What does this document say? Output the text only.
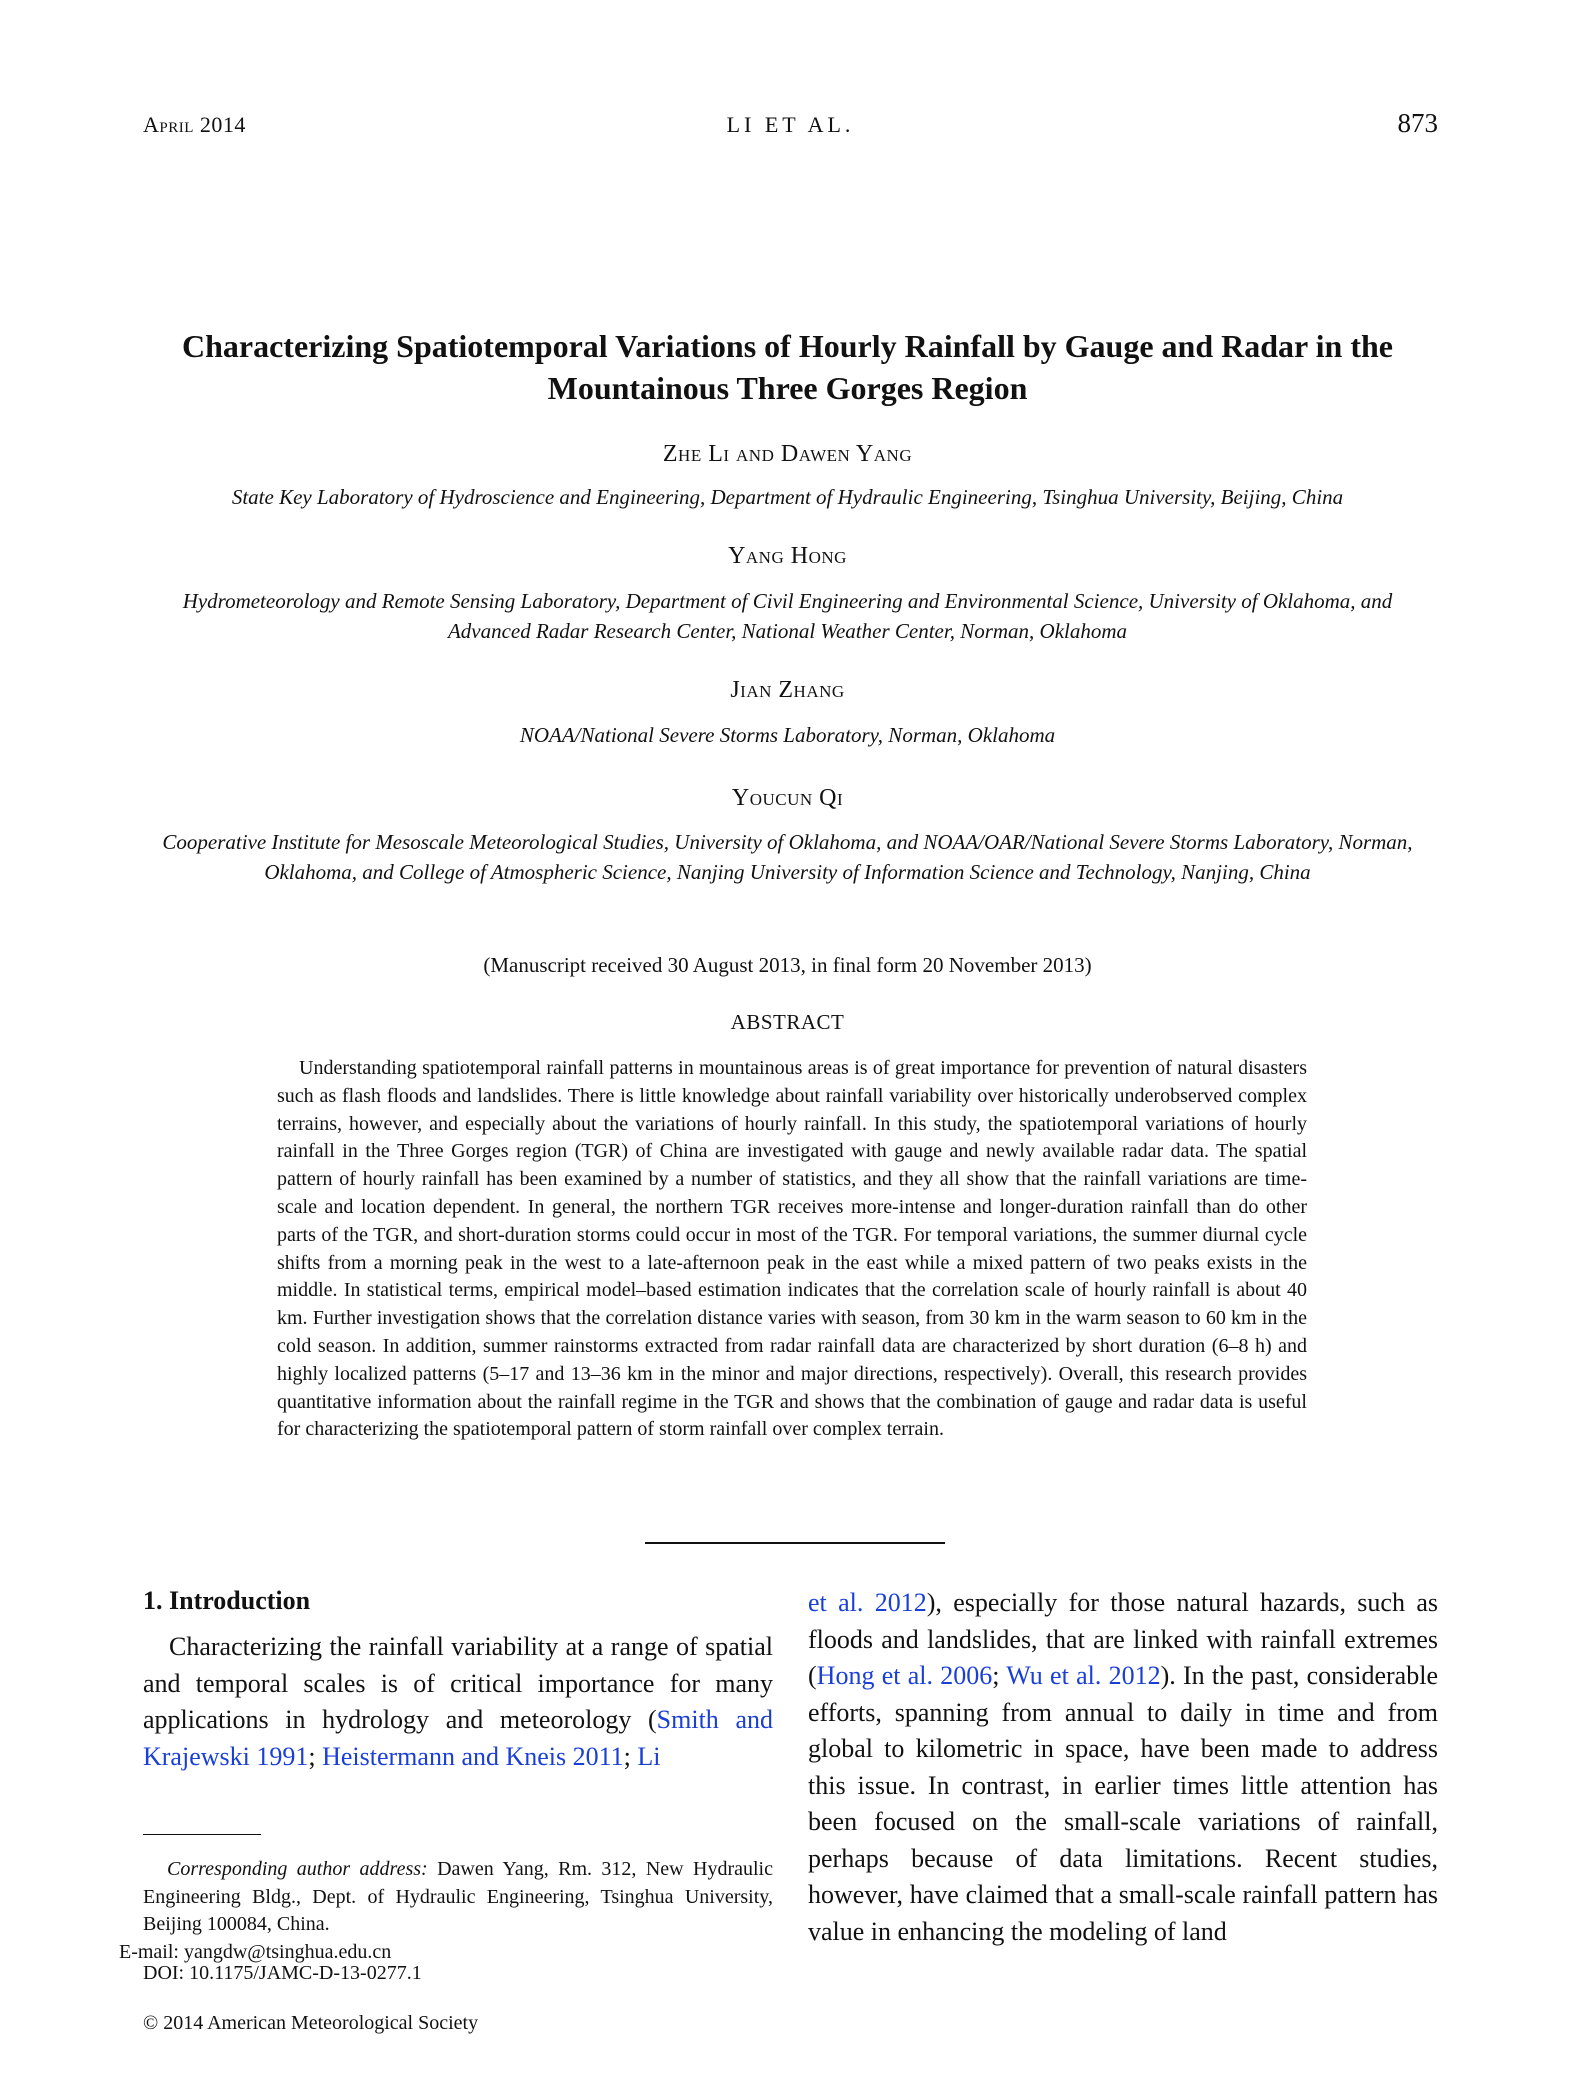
April 2014	LI ET AL.	873
Characterizing Spatiotemporal Variations of Hourly Rainfall by Gauge and Radar in the Mountainous Three Gorges Region
Zhe Li and Dawen Yang
State Key Laboratory of Hydroscience and Engineering, Department of Hydraulic Engineering, Tsinghua University, Beijing, China
Yang Hong
Hydrometeorology and Remote Sensing Laboratory, Department of Civil Engineering and Environmental Science, University of Oklahoma, and Advanced Radar Research Center, National Weather Center, Norman, Oklahoma
Jian Zhang
NOAA/National Severe Storms Laboratory, Norman, Oklahoma
Youcun Qi
Cooperative Institute for Mesoscale Meteorological Studies, University of Oklahoma, and NOAA/OAR/National Severe Storms Laboratory, Norman, Oklahoma, and College of Atmospheric Science, Nanjing University of Information Science and Technology, Nanjing, China
(Manuscript received 30 August 2013, in final form 20 November 2013)
ABSTRACT

Understanding spatiotemporal rainfall patterns in mountainous areas is of great importance for prevention of natural disasters such as flash floods and landslides. There is little knowledge about rainfall variability over historically underobserved complex terrains, however, and especially about the variations of hourly rainfall. In this study, the spatiotemporal variations of hourly rainfall in the Three Gorges region (TGR) of China are investigated with gauge and newly available radar data. The spatial pattern of hourly rainfall has been examined by a number of statistics, and they all show that the rainfall variations are time-scale and location dependent. In general, the northern TGR receives more-intense and longer-duration rainfall than do other parts of the TGR, and short-duration storms could occur in most of the TGR. For temporal variations, the summer diurnal cycle shifts from a morning peak in the west to a late-afternoon peak in the east while a mixed pattern of two peaks exists in the middle. In statistical terms, empirical model–based estimation indicates that the correlation scale of hourly rainfall is about 40 km. Further investigation shows that the correlation distance varies with season, from 30 km in the warm season to 60 km in the cold season. In addition, summer rainstorms extracted from radar rainfall data are characterized by short duration (6–8 h) and highly localized patterns (5–17 and 13–36 km in the minor and major directions, respectively). Overall, this research provides quantitative information about the rainfall regime in the TGR and shows that the combination of gauge and radar data is useful for characterizing the spatiotemporal pattern of storm rainfall over complex terrain.

1. Introduction

Characterizing the rainfall variability at a range of spatial and temporal scales is of critical importance for many applications in hydrology and meteorology (Smith and Krajewski 1991; Heistermann and Kneis 2011; Li

et al. 2012), especially for those natural hazards, such as floods and landslides, that are linked with rainfall extremes (Hong et al. 2006; Wu et al. 2012). In the past, considerable efforts, spanning from annual to daily in time and from global to kilometric in space, have been made to address this issue. In contrast, in earlier times little attention has been focused on the small-scale variations of rainfall, perhaps because of data limitations. Recent studies, however, have claimed that a small-scale rainfall pattern has value in enhancing the modeling of land

Corresponding author address: Dawen Yang, Rm. 312, New Hydraulic Engineering Bldg., Dept. of Hydraulic Engineering, Tsinghua University, Beijing 100084, China.
E-mail: yangdw@tsinghua.edu.cn

DOI: 10.1175/JAMC-D-13-0277.1
© 2014 American Meteorological Society
